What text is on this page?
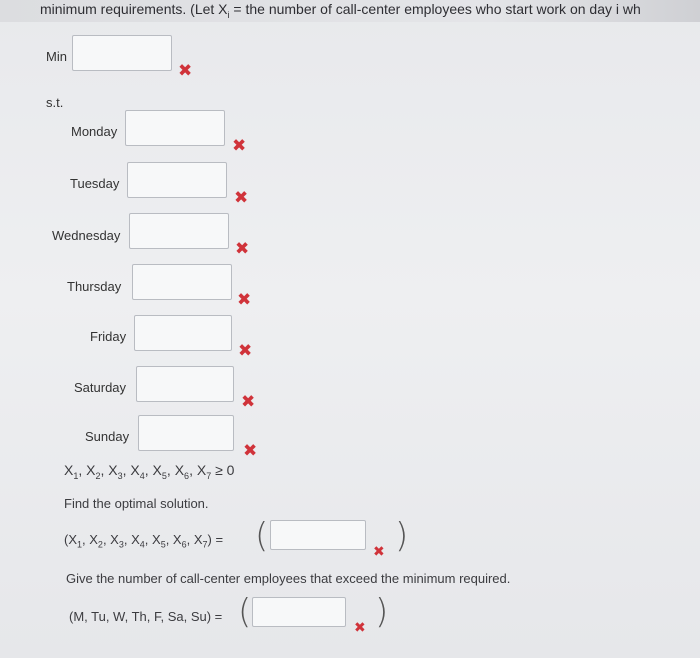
minimum requirements. (Let $X_i$ = the number of call-center employees who start work on day i wh
Min
✖
s.t.
Monday
✖
Tuesday
✖
Wednesday
✖
Thursday
✖
Friday
✖
Saturday
✖
Sunday
✖
$X_1$, $X_2$, $X_3$, $X_4$, $X_5$, $X_6$, $X_7 \ge 0$
Find the optimal solution.
($X_1$, $X_2$, $X_3$, $X_4$, $X_5$, $X_6$, $X_7$) = (	✖ )
Give the number of call-center employees that exceed the minimum required.
(M, Tu, W, Th, F, Sa, Su) = (	✖ )
